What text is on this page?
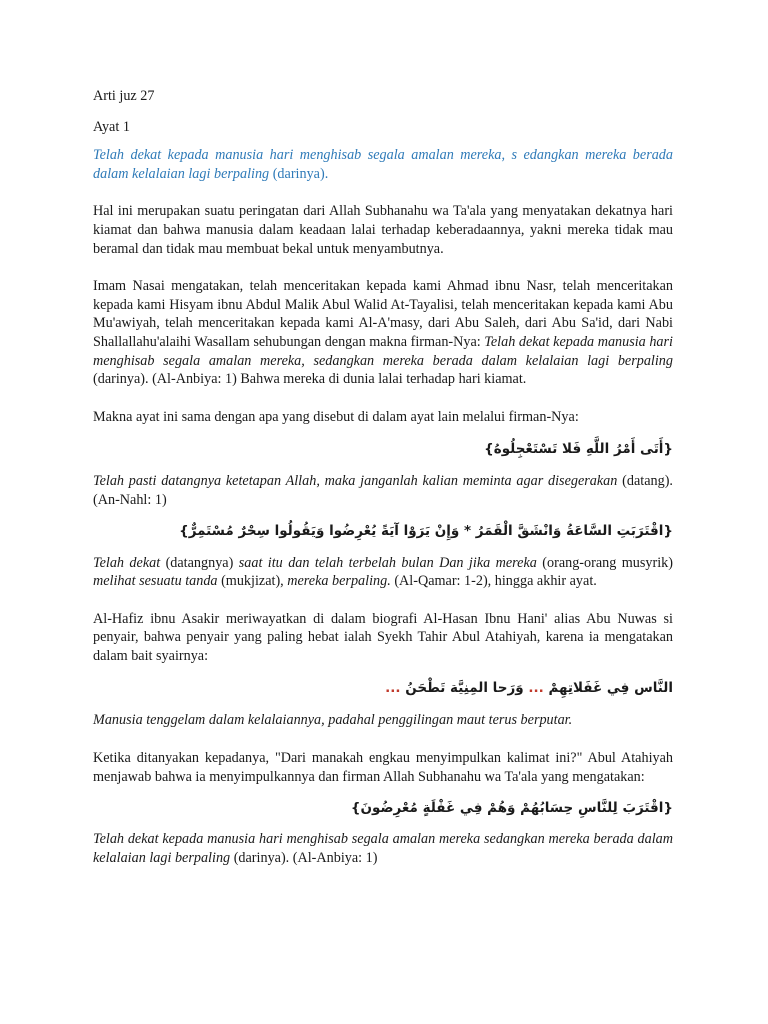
Arti juz 27

Ayat 1

Telah dekat kepada manusia hari menghisab segala amalan mereka, s edangkan mereka berada dalam kelalaian lagi berpaling (darinya).

Hal ini merupakan suatu peringatan dari Allah Subhanahu wa Ta'ala yang menyatakan dekatnya hari kiamat dan bahwa manusia dalam keadaan lalai terhadap keberadaannya, yakni mereka tidak mau beramal dan tidak mau membuat bekal untuk menyambutnya.

Imam Nasai mengatakan, telah menceritakan kepada kami Ahmad ibnu Nasr, telah menceritakan kepada kami Hisyam ibnu Abdul Malik Abul Walid At-Tayalisi, telah menceritakan kepada kami Abu Mu'awiyah, telah menceritakan kepada kami Al-A'masy, dari Abu Saleh, dari Abu Sa'id, dari Nabi Shallallahu'alaihi Wasallam sehubungan dengan makna firman-Nya: Telah dekat kepada manusia hari menghisab segala amalan mereka, sedangkan mereka berada dalam kelalaian lagi berpaling (darinya). (Al-Anbiya: 1) Bahwa mereka di dunia lalai terhadap hari kiamat.

Makna ayat ini sama dengan apa yang disebut di dalam ayat lain melalui firman-Nya:

{أَتَى أَمْرُ اللَّهِ فَلا تَسْتَعْجِلُوهُ}

Telah pasti datangnya ketetapan Allah, maka janganlah kalian meminta agar disegerakan (datang). (An-Nahl: 1)

{اقْتَرَبَتِ السَّاعَةُ وَانْشَقَّ الْقَمَرُ * وَإِنْ يَرَوْا آيَةً يُعْرِضُوا وَيَقُولُوا سِحْرٌ مُسْتَمِرٌّ}

Telah dekat (datangnya) saat itu dan telah terbelah bulan Dan jika mereka (orang-orang musyrik) melihat sesuatu tanda (mukjizat), mereka berpaling. (Al-Qamar: 1-2), hingga akhir ayat.

Al-Hafiz ibnu Asakir meriwayatkan di dalam biografi Al-Hasan Ibnu Hani' alias Abu Nuwas si penyair, bahwa penyair yang paling hebat ialah Syekh Tahir Abul Atahiyah, karena ia mengatakan dalam bait syairnya:

النَّاس فِي غَفَلاتِهِمْ ... وَرَحا المِنِيَّة تَطْحَنُ ...

Manusia tenggelam dalam kelalaiannya, padahal penggilingan maut terus berputar.

Ketika ditanyakan kepadanya, "Dari manakah engkau menyimpulkan kalimat ini?" Abul Atahiyah menjawab bahwa ia menyimpulkannya dan firman Allah Subhanahu wa Ta'ala yang mengatakan:

{اقْتَرَبَ لِلنَّاسِ حِسَابُهُمْ وَهُمْ فِي غَفْلَةٍ مُعْرِضُونَ}

Telah dekat kepada manusia hari menghisab segala amalan mereka sedangkan mereka berada dalam kelalaian lagi berpaling (darinya). (Al-Anbiya: 1)
